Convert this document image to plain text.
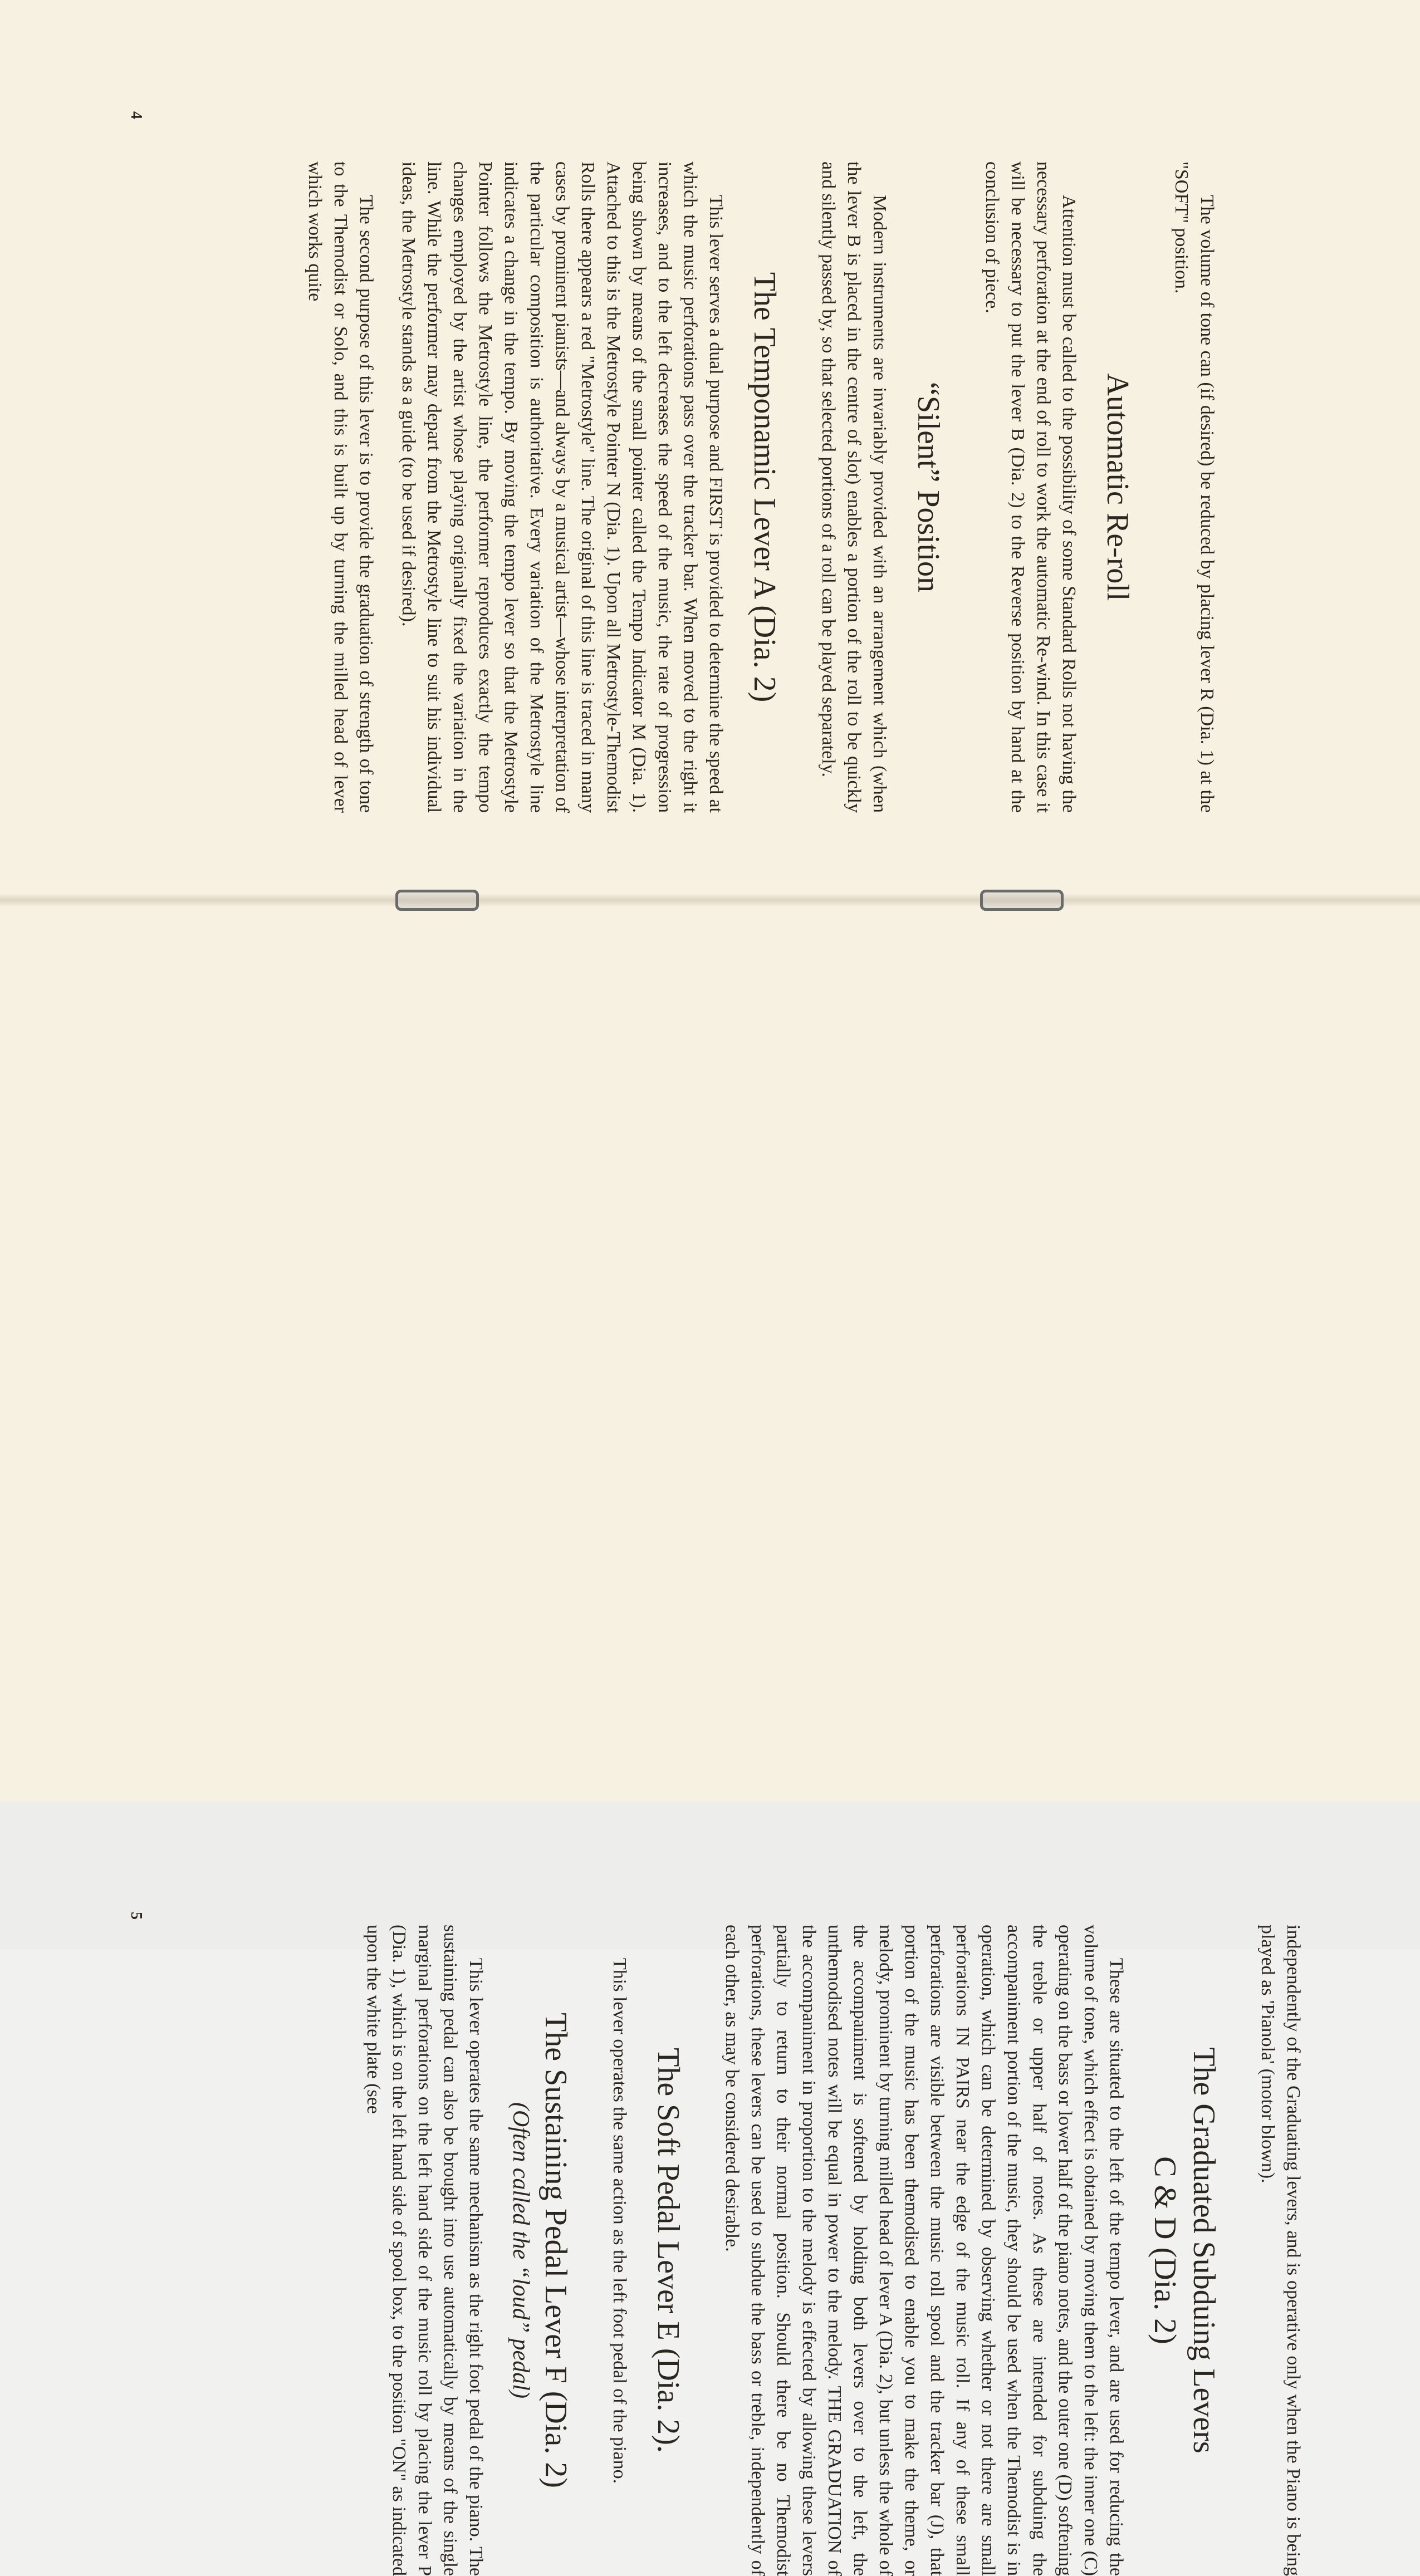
The volume of tone can (if desired) be reduced by placing lever R (Dia. 1) at the "SOFT" position.

Automatic Re-roll

Attention must be called to the possibility of some Standard Rolls not having the necessary perforation at the end of roll to work the automatic Re-wind. In this case it will be necessary to put the lever B (Dia. 2) to the Reverse position by hand at the conclusion of piece.

“Silent” Position

Modern instruments are invariably provided with an arrangement which (when the lever B is placed in the centre of slot) enables a portion of the roll to be quickly and silently passed by, so that selected portions of a roll can be played separately.

The Temponamic Lever A (Dia. 2)

This lever serves a dual purpose and FIRST is provided to determine the speed at which the music perforations pass over the tracker bar. When moved to the right it increases, and to the left decreases the speed of the music, the rate of progression being shown by means of the small pointer called the Tempo Indicator M (Dia. 1). Attached to this is the Metrostyle Pointer N (Dia. 1). Upon all Metrostyle-Themodist Rolls there appears a red "Metrostyle" line. The original of this line is traced in many cases by prominent pianists—and always by a musical artist—whose interpretation of the particular composition is authoritative. Every variation of the Metrostyle line indicates a change in the tempo. By moving the tempo lever so that the Metrostyle Pointer follows the Metrostyle line, the performer reproduces exactly the tempo changes employed by the artist whose playing originally fixed the variation in the line. While the performer may depart from the Metrostyle line to suit his individual ideas, the Metrostyle stands as a guide (to be used if desired).

The second purpose of this lever is to provide the graduation of strength of tone to the Themodist or Solo, and this is built up by turning the milled head of lever which works quite

4

independently of the Graduating levers, and is operative only when the Piano is being played as 'Pianola' (motor blown).

The Graduated Subduing Levers
C & D (Dia. 2)

These are situated to the left of the tempo lever, and are used for reducing the volume of tone, which effect is obtained by moving them to the left: the inner one (C) operating on the bass or lower half of the piano notes, and the outer one (D) softening the treble or upper half of notes. As these are intended for subduing the accompaniment portion of the music, they should be used when the Themodist is in operation, which can be determined by observing whether or not there are small perforations IN PAIRS near the edge of the music roll. If any of these small perforations are visible between the music roll spool and the tracker bar (J), that portion of the music has been themodised to enable you to make the theme, or melody, prominent by turning milled head of lever A (Dia. 2), but unless the whole of the accompaniment is softened by holding both levers over to the left, the unthemodised notes will be equal in power to the melody. THE GRADUATION of the accompaniment in proportion to the melody is effected by allowing these levers partially to return to their normal position. Should there be no Themodist perforations, these levers can be used to subdue the bass or treble, independently of each other, as may be considered desirable.

The Soft Pedal Lever E (Dia. 2).

This lever operates the same action as the left foot pedal of the piano.

The Sustaining Pedal Lever F (Dia. 2)
(Often called the “loud” pedal)

This lever operates the same mechanism as the right foot pedal of the piano. The sustaining pedal can also be brought into use automatically by means of the single marginal perforations on the left hand side of the music roll by placing the lever P (Dia. 1), which is on the left hand side of spool box, to the position "ON" as indicated upon the white plate (see

5
